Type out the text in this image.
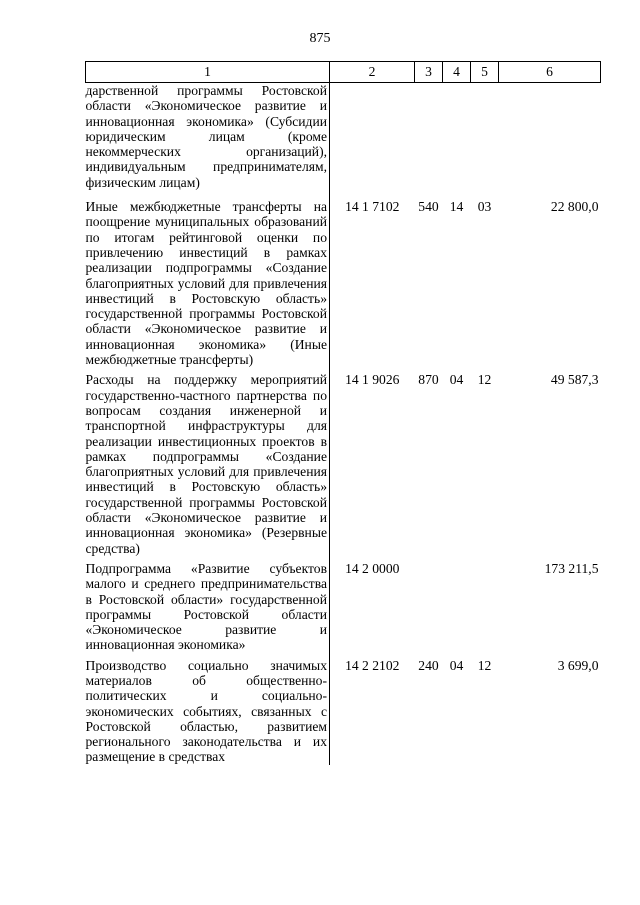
875
1	2	3	4	5	6
дарственной программы Ростовской области «Экономическое развитие и инновационная экономика» (Субсидии юридическим лицам (кроме некоммерческих организаций), индивидуальным предпринимателям, физическим лицам)					
Иные межбюджетные трансферты на поощрение муниципальных образований по итогам рейтинговой оценки по привлечению инвестиций в рамках реализации подпрограммы «Создание благоприятных условий для привлечения инвестиций в Ростовскую область» государственной программы Ростовской области «Экономическое развитие и инновационная экономика» (Иные межбюджетные трансферты)	14 1 7102	540	14	03	22 800,0
Расходы на поддержку мероприятий государственно-частного партнерства по вопросам создания инженерной и транспортной инфраструктуры для реализации инвестиционных проектов в рамках подпрограммы «Создание благоприятных условий для привлечения инвестиций в Ростовскую область» государственной программы Ростовской области «Экономическое развитие и инновационная экономика» (Резервные средства)	14 1 9026	870	04	12	49 587,3
Подпрограмма «Развитие субъектов малого и среднего предпринимательства в Ростовской области» государственной программы Ростовской области «Экономическое развитие и инновационная экономика»	14 2 0000				173 211,5
Производство социально значимых материалов об общественно-политических и социально-экономических событиях, связанных с Ростовской областью, развитием регионального законодательства и их размещение в средствах	14 2 2102	240	04	12	3 699,0
